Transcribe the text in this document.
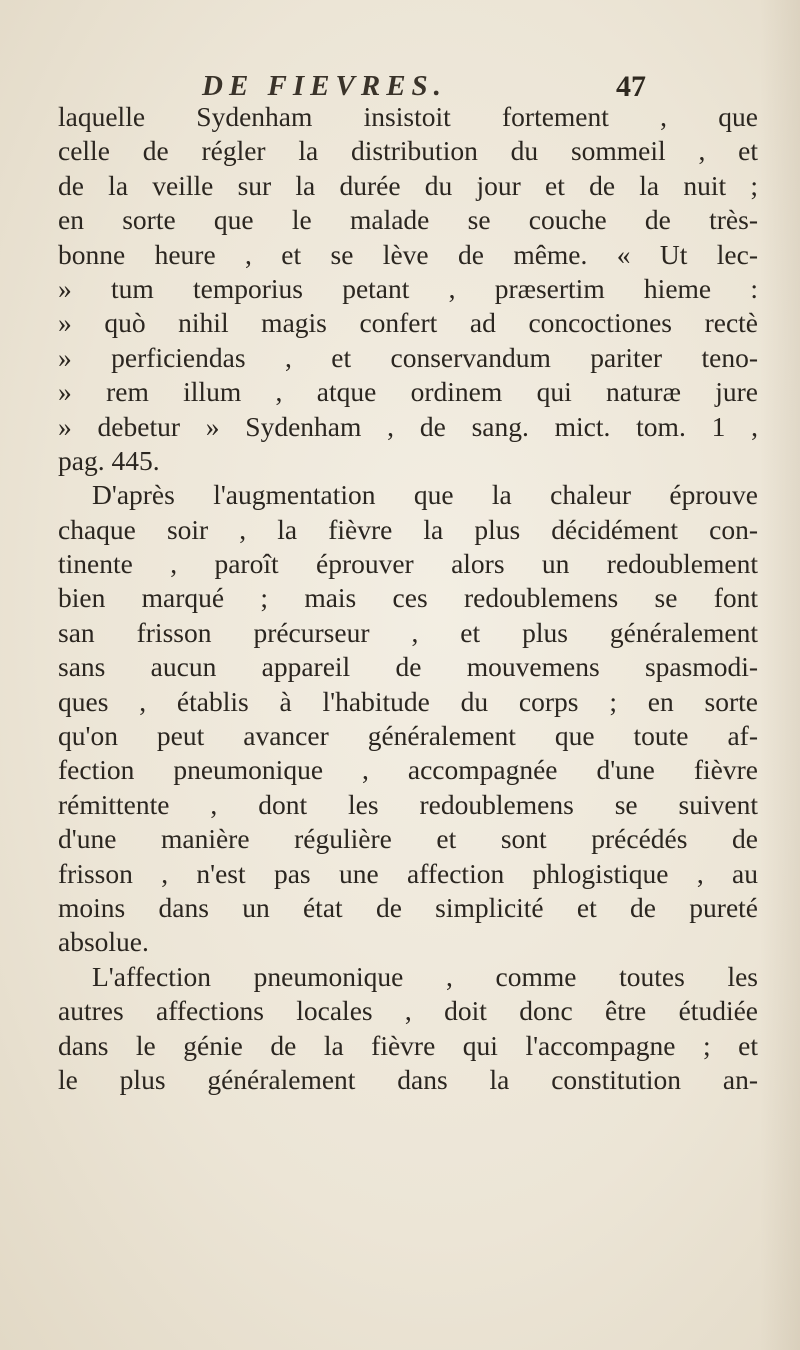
DE FIEVRES.	47
laquelle Sydenham insistoit fortement , que
celle de régler la distribution du sommeil , et
de la veille sur la durée du jour et de la nuit ;
en sorte que le malade se couche de très-
bonne heure , et se lève de même. « Ut lec-
» tum temporius petant , præsertim hieme :
» quò nihil magis confert ad concoctiones rectè
» perficiendas , et conservandum pariter teno-
» rem illum , atque ordinem qui naturæ jure
» debetur » Sydenham , de sang. mict. tom. 1 ,
pag. 445.
D'après l'augmentation que la chaleur éprouve
chaque soir , la fièvre la plus décidément con-
tinente , paroît éprouver alors un redoublement
bien marqué ; mais ces redoublemens se font
san frisson précurseur , et plus généralement
sans aucun appareil de mouvemens spasmodi-
ques , établis à l'habitude du corps ; en sorte
qu'on peut avancer généralement que toute af-
fection pneumonique , accompagnée d'une fièvre
rémittente , dont les redoublemens se suivent
d'une manière régulière et sont précédés de
frisson , n'est pas une affection phlogistique , au
moins dans un état de simplicité et de pureté
absolue.
L'affection pneumonique , comme toutes les
autres affections locales , doit donc être étudiée
dans le génie de la fièvre qui l'accompagne ; et
le plus généralement dans la constitution an-
